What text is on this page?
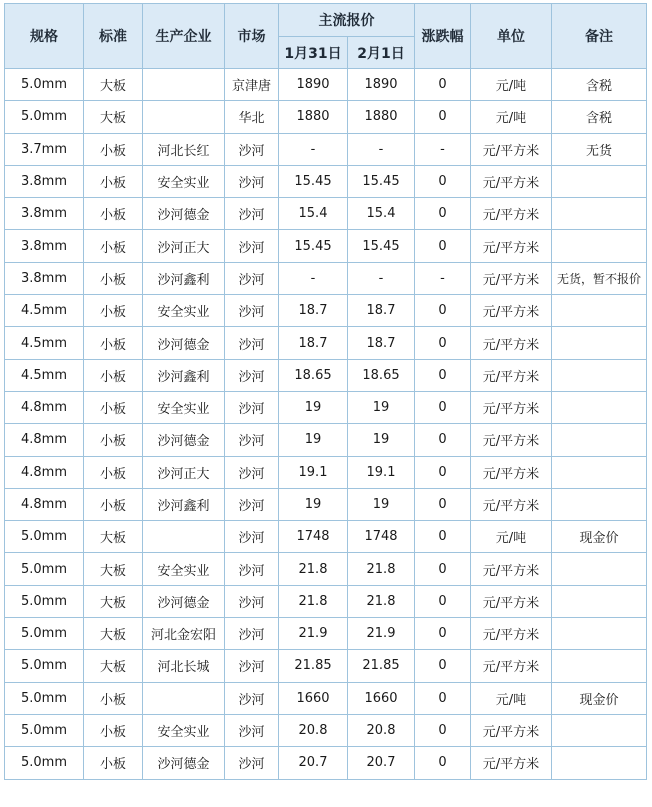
规格	标准	生产企业	市场	主流报价		涨跌幅	单位	备注
				1月31日	2月1日			
5.0mm	大板		京津唐	1890	1890	0	元/吨	含税
5.0mm	大板		华北	1880	1880	0	元/吨	含税
3.7mm	小板	河北长红	沙河	-	-	-	元/平方米	无货
3.8mm	小板	安全实业	沙河	15.45	15.45	0	元/平方米	
3.8mm	小板	沙河德金	沙河	15.4	15.4	0	元/平方米	
3.8mm	小板	沙河正大	沙河	15.45	15.45	0	元/平方米	
3.8mm	小板	沙河鑫利	沙河	-	-	-	元/平方米	无货，暂不报价
4.5mm	小板	安全实业	沙河	18.7	18.7	0	元/平方米	
4.5mm	小板	沙河德金	沙河	18.7	18.7	0	元/平方米	
4.5mm	小板	沙河鑫利	沙河	18.65	18.65	0	元/平方米	
4.8mm	小板	安全实业	沙河	19	19	0	元/平方米	
4.8mm	小板	沙河德金	沙河	19	19	0	元/平方米	
4.8mm	小板	沙河正大	沙河	19.1	19.1	0	元/平方米	
4.8mm	小板	沙河鑫利	沙河	19	19	0	元/平方米	
5.0mm	大板		沙河	1748	1748	0	元/吨	现金价
5.0mm	大板	安全实业	沙河	21.8	21.8	0	元/平方米	
5.0mm	大板	沙河德金	沙河	21.8	21.8	0	元/平方米	
5.0mm	大板	河北金宏阳	沙河	21.9	21.9	0	元/平方米	
5.0mm	大板	河北长城	沙河	21.85	21.85	0	元/平方米	
5.0mm	小板		沙河	1660	1660	0	元/吨	现金价
5.0mm	小板	安全实业	沙河	20.8	20.8	0	元/平方米	
5.0mm	小板	沙河德金	沙河	20.7	20.7	0	元/平方米	
